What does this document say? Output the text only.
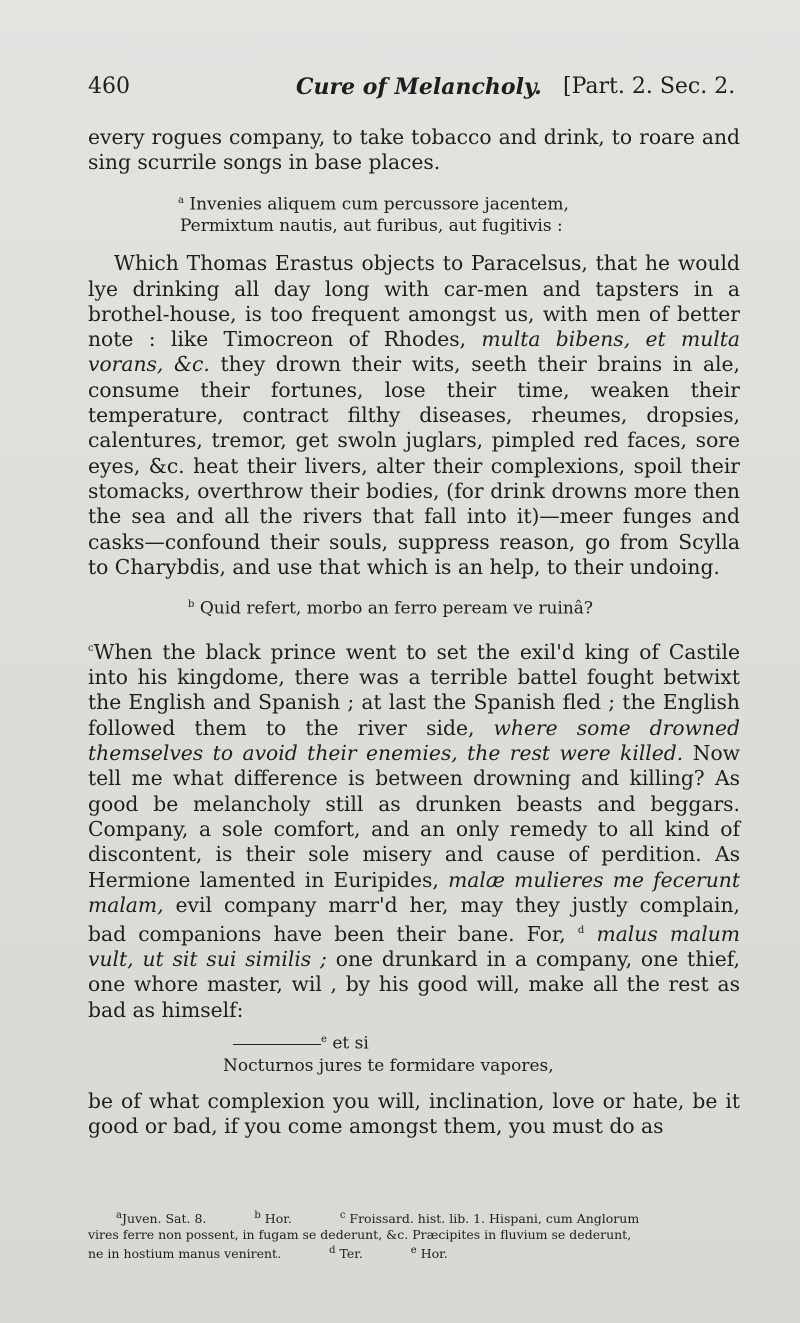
460	Cure of Melancholy. [Part. 2. Sec. 2.

every rogues company, to take tobacco and drink, to roare and sing scurrile songs in base places.

$^a$ Invenies aliquem cum percussore jacentem,
Permixtum nautis, aut furibus, aut fugitivis :

Which Thomas Erastus objects to Paracelsus, that he would lye drinking all day long with car-men and tapsters in a brothel-house, is too frequent amongst us, with men of better note : like Timocreon of Rhodes, multa bibens, et multa vorans, &c. they drown their wits, seeth their brains in ale, consume their fortunes, lose their time, weaken their temperature, contract filthy diseases, rheumes, dropsies, calentures, tremor, get swoln juglars, pimpled red faces, sore eyes, &c. heat their livers, alter their complexions, spoil their stomacks, overthrow their bodies, (for drink drowns more then the sea and all the rivers that fall into it)—meer funges and casks—confound their souls, suppress reason, go from Scylla to Charybdis, and use that which is an help, to their undoing.

$^b$ Quid refert, morbo an ferro peream ve ruinâ?

$^c$When the black prince went to set the exil'd king of Castile into his kingdome, there was a terrible battel fought betwixt the English and Spanish ; at last the Spanish fled ; the English followed them to the river side, where some drowned themselves to avoid their enemies, the rest were killed. Now tell me what difference is between drowning and killing? As good be melancholy still as drunken beasts and beggars. Company, a sole comfort, and an only remedy to all kind of discontent, is their sole misery and cause of perdition. As Hermione lamented in Euripides, malæ mulieres me fecerunt malam, evil company marr'd her, may they justly complain, bad companions have been their bane. For, $^d$ malus malum vult, ut sit sui similis ; one drunkard in a company, one thief, one whore master, wil , by his good will, make all the rest as bad as himself:

$^e$ et si
Nocturnos jures te formidare vapores,

be of what complexion you will, inclination, love or hate, be it good or bad, if you come amongst them, you must do as

$^a$Juven. Sat. 8.	$^b$ Hor.	$^c$ Froissard. hist. lib. 1. Hispani, cum Anglorum
vires ferre non possent, in fugam se dederunt, &c. Præcipites in fluvium se dederunt,
ne in hostium manus venirent.	$^d$ Ter.	$^e$ Hor.
